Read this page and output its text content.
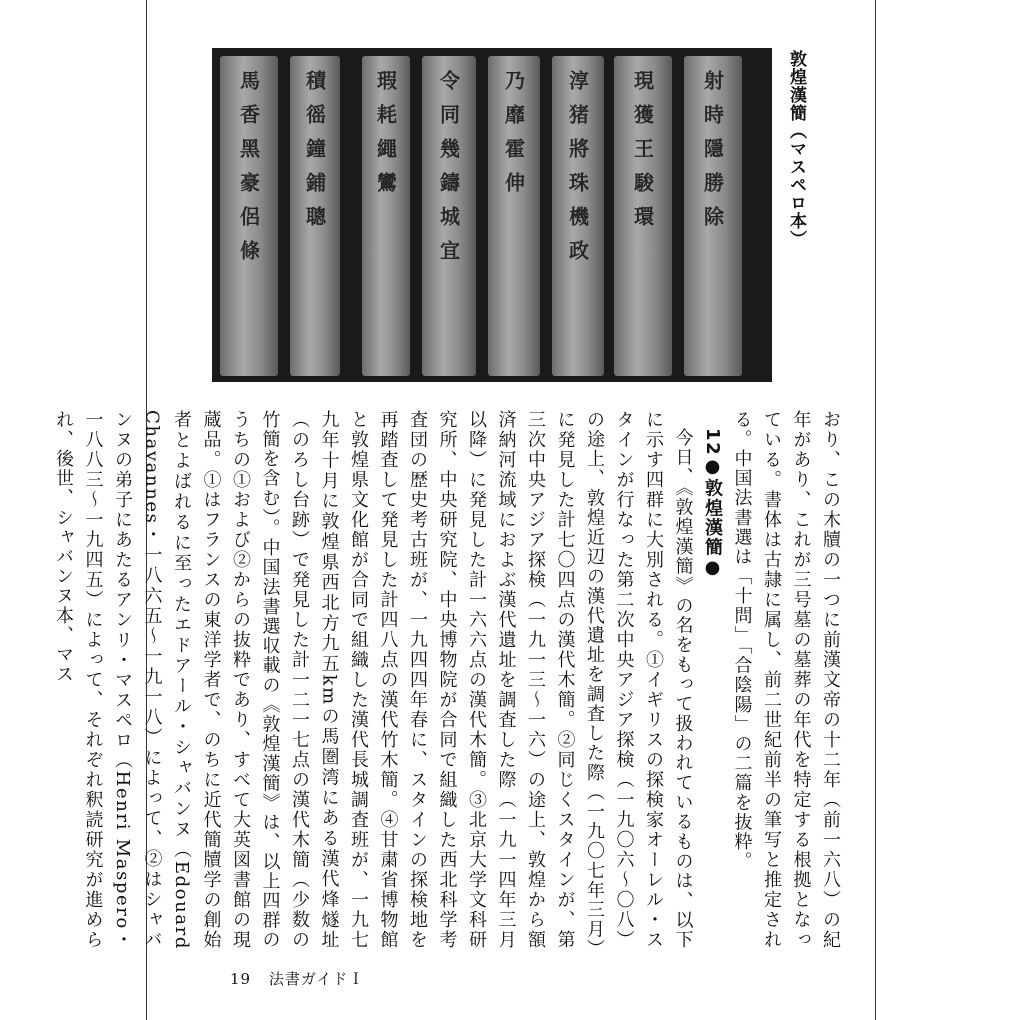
馬香黑豪侶條 積徭鐘鋪聰 瑕耗繩鸞 令同幾鑄城宜 乃靡霍伸 淳猪將珠機政 現獲王駿環 射時隱勝除	敦煌漢簡（マスペロ本）

おり、この木牘の一つに前漢文帝の十二年（前一六八）の紀年があり、これが三号墓の墓葬の年代を特定する根拠となっている。書体は古隷に属し、前二世紀前半の筆写と推定される。中国法書選は「十問」「合陰陽」の二篇を抜粋。

12●敦煌漢簡●

今日、《敦煌漢簡》の名をもって扱われているものは、以下に示す四群に大別される。①イギリスの探検家オーレル・スタインが行なった第二次中央アジア探検（一九〇六〜〇八）の途上、敦煌近辺の漢代遺址を調査した際（一九〇七年三月）に発見した計七〇四点の漢代木簡。②同じくスタインが、第三次中央アジア探検（一九一三〜一六）の途上、敦煌から額済納河流域におよぶ漢代遺址を調査した際（一九一四年三月以降）に発見した計一六六点の漢代木簡。③北京大学文科研究所、中央研究院、中央博物院が合同で組織した西北科学考査団の歴史考古班が、一九四四年春に、スタインの探検地を再踏査して発見した計四八点の漢代竹木簡。④甘粛省博物館と敦煌県文化館が合同で組織した漢代長城調査班が、一九七九年十月に敦煌県西北方九五kmの馬圏湾にある漢代烽燧址（のろし台跡）で発見した計一二一七点の漢代木簡（少数の竹簡を含む）。中国法書選収載の《敦煌漢簡》は、以上四群のうちの①および②からの抜粋であり、すべて大英図書館の現蔵品。①はフランスの東洋学者で、のちに近代簡牘学の創始者とよばれるに至ったエドアール・シャバンヌ（Edouard Chavannes・一八六五〜一九一八）によって、②はシャバンヌの弟子にあたるアンリ・マスペロ（Henri Maspero・一八八三〜一九四五）によって、それぞれ釈読研究が進められ、後世、シャバンヌ本、マス

19 法書ガイドＩ
